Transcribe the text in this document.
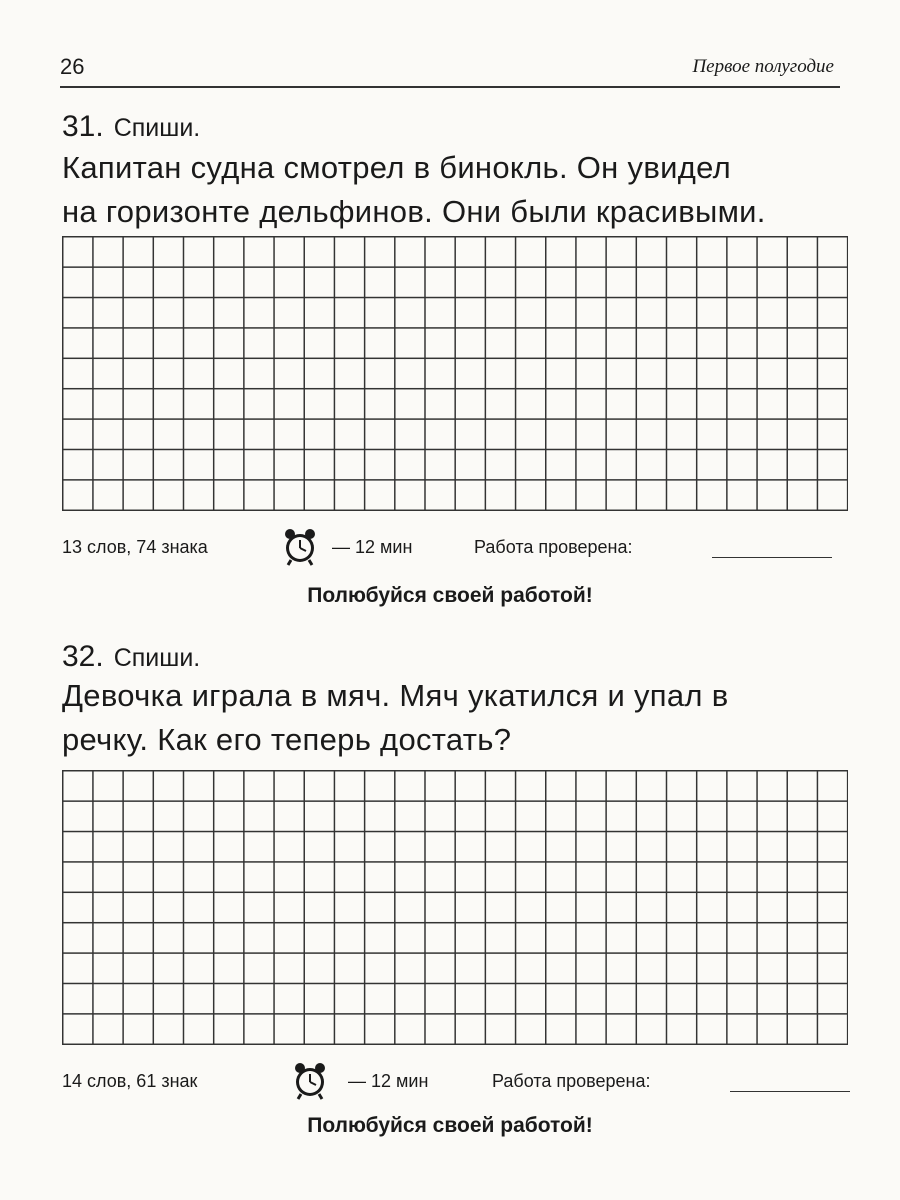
26	Первое полугодие
31. Спиши.
Капитан судна смотрел в бинокль. Он увидел
на горизонте дельфинов. Они были красивыми.
13 слов, 74 знака	— 12 мин	Работа проверена:
Полюбуйся своей работой!
32. Спиши.
Девочка играла в мяч. Мяч укатился и упал в
речку. Как его теперь достать?
14 слов, 61 знак	— 12 мин	Работа проверена:
Полюбуйся своей работой!
